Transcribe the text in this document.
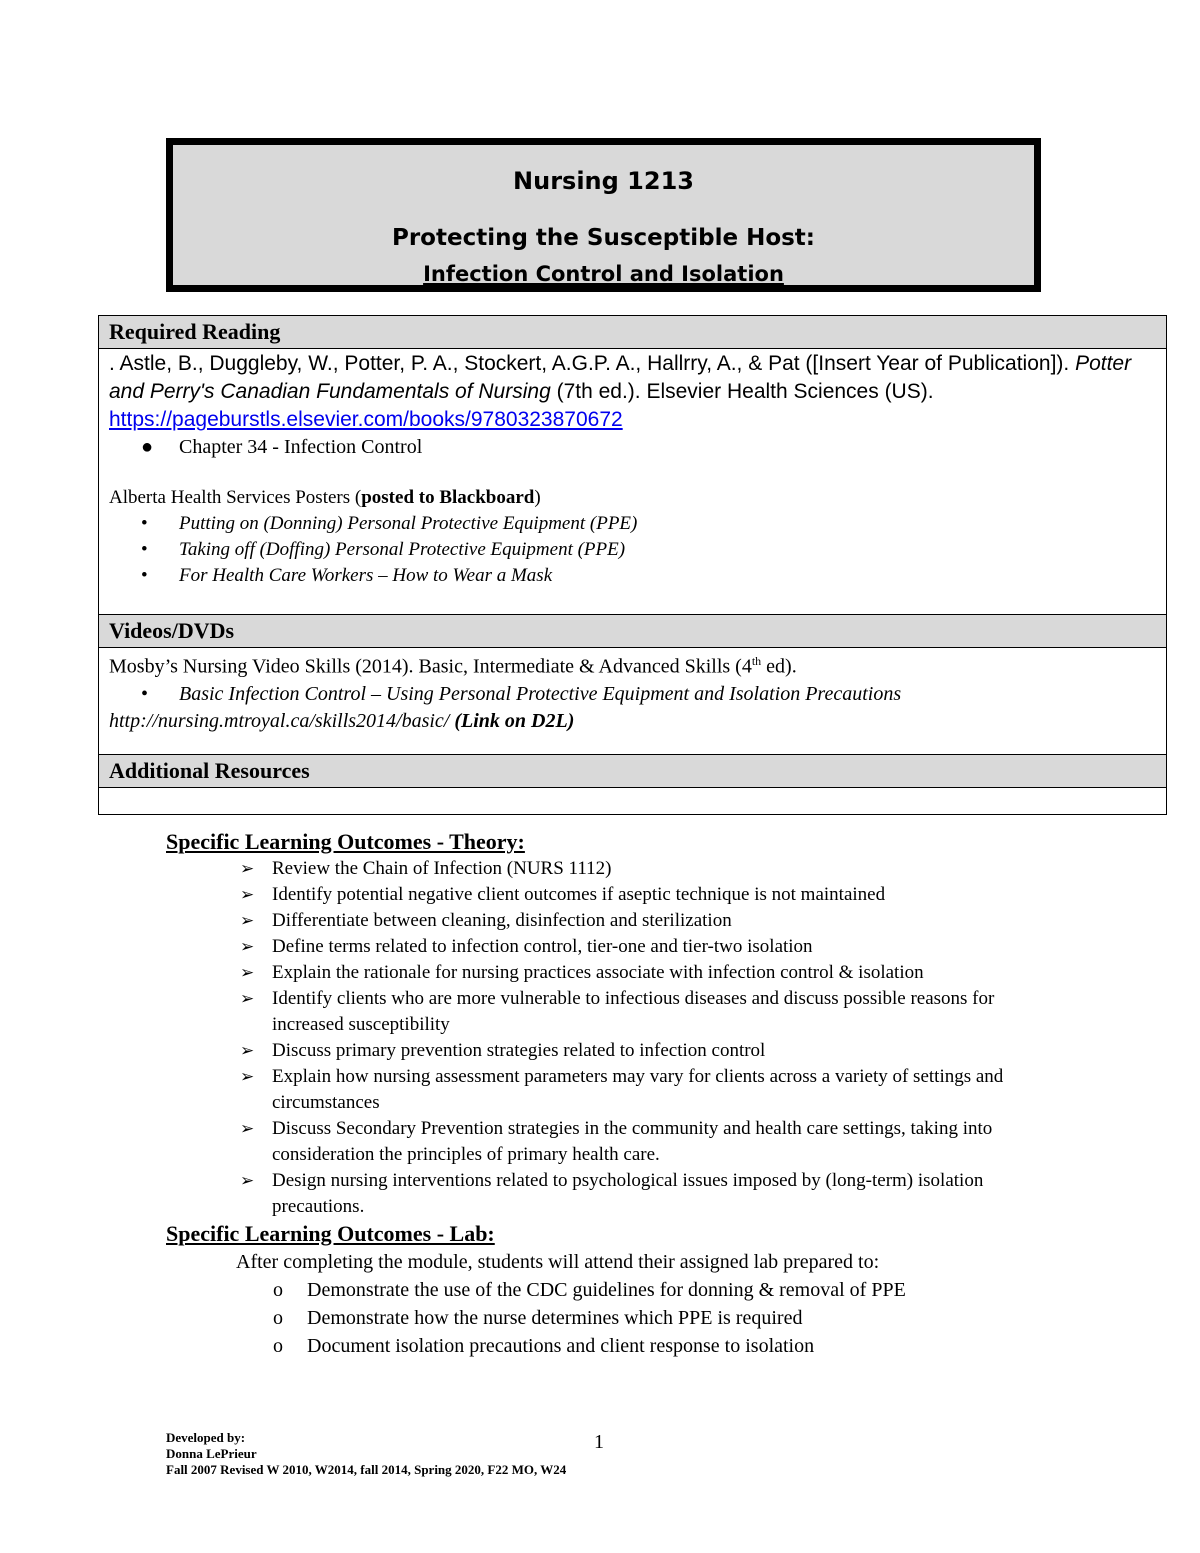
Nursing 1213
Protecting the Susceptible Host:
Infection Control and Isolation
Required Reading

. Astle, B., Duggleby, W., Potter, P. A., Stockert, A.G.P. A., Hallrry, A., & Pat ([Insert Year of Publication]). Potter and Perry's Canadian Fundamentals of Nursing (7th ed.). Elsevier Health Sciences (US). https://pageburstls.elsevier.com/books/9780323870672
● Chapter 34 - Infection Control
Alberta Health Services Posters (posted to Blackboard)
• Putting on (Donning) Personal Protective Equipment (PPE)
• Taking off (Doffing) Personal Protective Equipment (PPE)
• For Health Care Workers – How to Wear a Mask

Videos/DVDs

Mosby’s Nursing Video Skills (2014). Basic, Intermediate & Advanced Skills (4th ed).
• Basic Infection Control – Using Personal Protective Equipment and Isolation Precautions
http://nursing.mtroyal.ca/skills2014/basic/ (Link on D2L)

Additional Resources

Specific Learning Outcomes - Theory:
➢ Review the Chain of Infection (NURS 1112)
➢ Identify potential negative client outcomes if aseptic technique is not maintained
➢ Differentiate between cleaning, disinfection and sterilization
➢ Define terms related to infection control, tier-one and tier-two isolation
➢ Explain the rationale for nursing practices associate with infection control & isolation
➢ Identify clients who are more vulnerable to infectious diseases and discuss possible reasons for increased susceptibility
➢ Discuss primary prevention strategies related to infection control
➢ Explain how nursing assessment parameters may vary for clients across a variety of settings and circumstances
➢ Discuss Secondary Prevention strategies in the community and health care settings, taking into consideration the principles of primary health care.
➢ Design nursing interventions related to psychological issues imposed by (long-term) isolation precautions.
Specific Learning Outcomes - Lab:
After completing the module, students will attend their assigned lab prepared to:
o Demonstrate the use of the CDC guidelines for donning & removal of PPE
o Demonstrate how the nurse determines which PPE is required
o Document isolation precautions and client response to isolation
Developed by:
Donna LePrieur
Fall 2007 Revised W 2010, W2014, fall 2014, Spring 2020, F22 MO, W24
1
